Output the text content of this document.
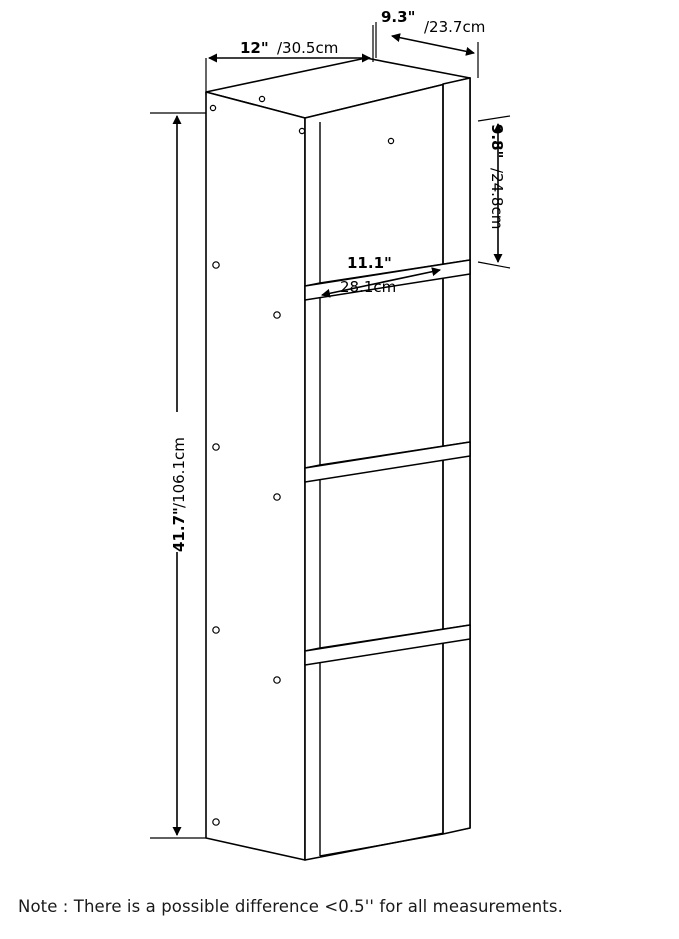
12" /30.5cm
9.3"
/23.7cm
9.8"
/24.8cm
11.1"
28.1cm
41.7"
/106.1cm
Note : There is a possible difference <0.5'' for all measurements.
